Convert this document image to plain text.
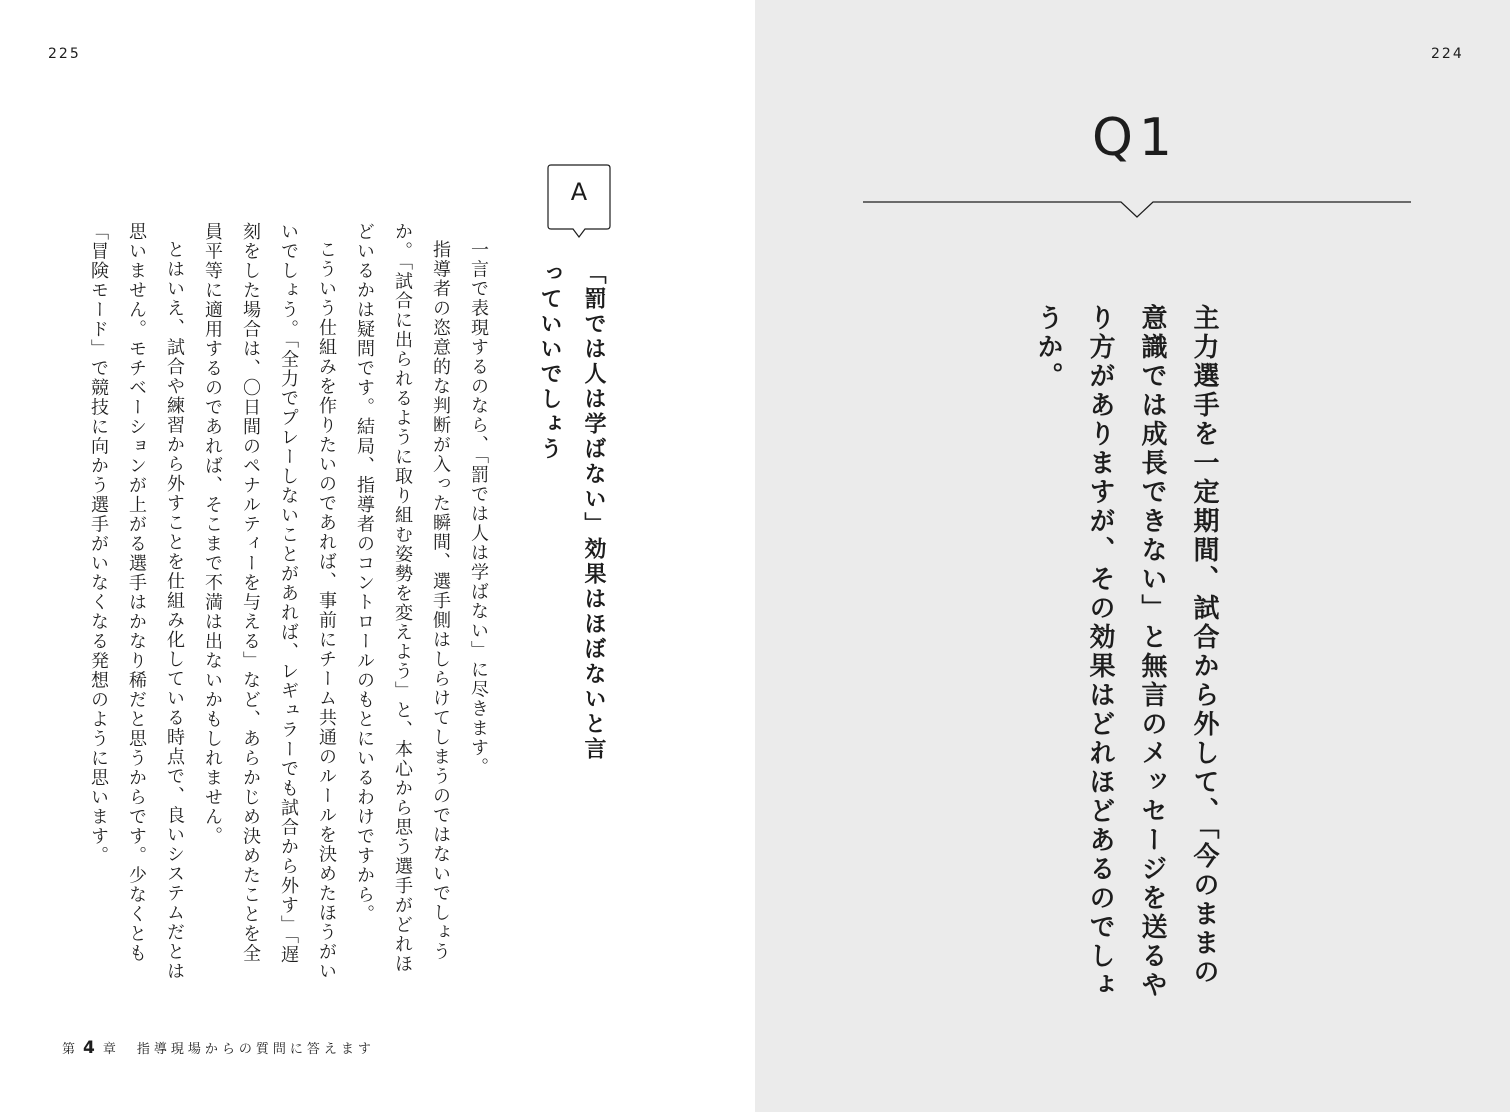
225
A
「罰では人は学ばない」効果はほぼないと言っていいでしょう

一言で表現するのなら、「罰では人は学ばない」に尽きます。

指導者の恣意的な判断が入った瞬間、選手側はしらけてしまうのではないでしょうか。「試合に出られるように取り組む姿勢を変えよう」と、本心から思う選手がどれほどいるかは疑問です。結局、指導者のコントロールのもとにいるわけですから。

こういう仕組みを作りたいのであれば、事前にチーム共通のルールを決めたほうがいいでしょう。「全力でプレーしないことがあれば、レギュラーでも試合から外す」「遅刻をした場合は、〇日間のペナルティーを与える」など、あらかじめ決めたことを全員平等に適用するのであれば、そこまで不満は出ないかもしれません。

とはいえ、試合や練習から外すことを仕組み化している時点で、良いシステムだとは思いません。モチベーションが上がる選手はかなり稀だと思うからです。少なくとも「冒険モード」で競技に向かう選手がいなくなる発想のように思います。

第 4 章  指導現場からの質問に答えます
224
Q1
主力選手を一定期間、試合から外して、「今のままの意識では成長できない」と無言のメッセージを送るやり方がありますが、その効果はどれほどあるのでしょうか。
